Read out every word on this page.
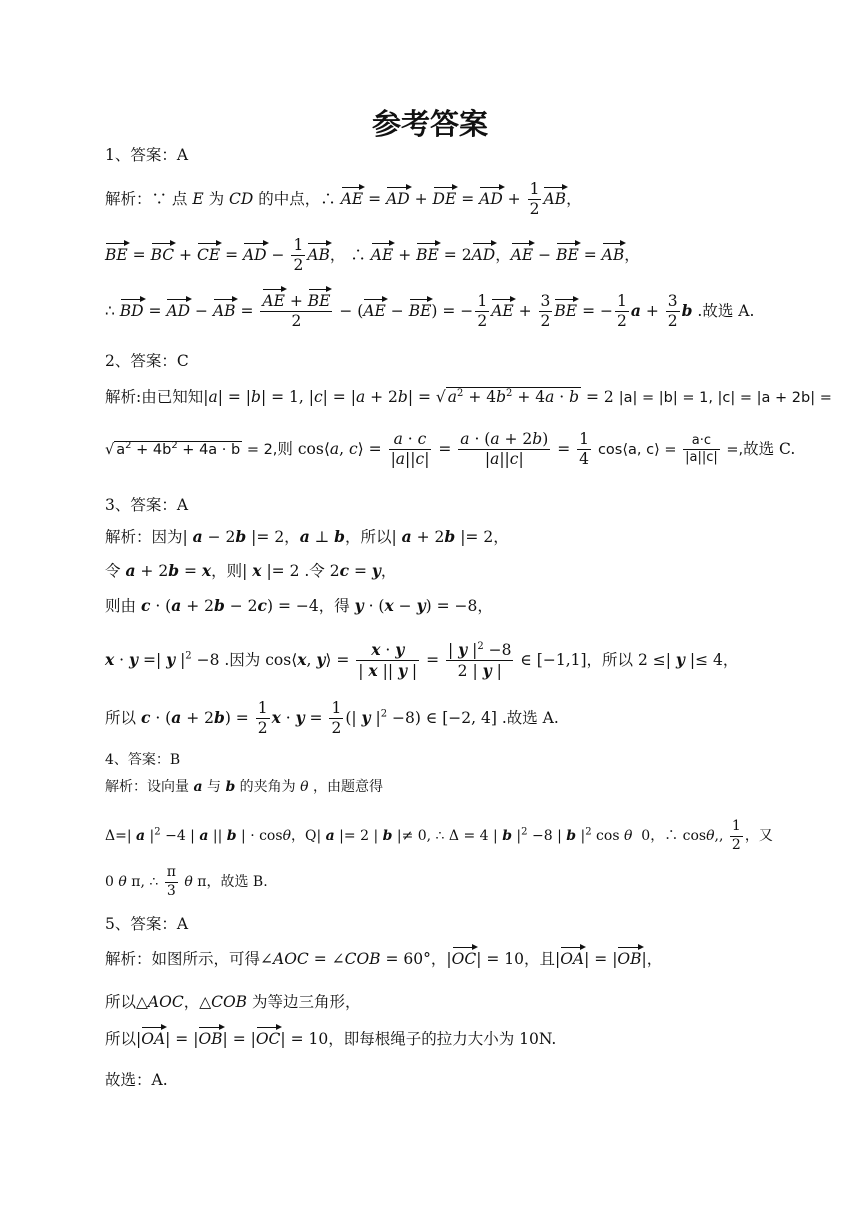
参考答案
1、答案：A
解析：∵ 点 E 为 CD 的中点，∴ AE = AD + DE = AD + $\frac{1}{2}$ AB，
BE = BC + CE = AD − $\frac{1}{2}$ AB， ∴ AE + BE = 2AD，AE − BE = AB，
∴ BD = AD − AB = $\frac{AE + BE}{2} - (AE - BE)$ = − $\frac{1}{2}$ AE + $\frac{3}{2}$ BE = − $\frac{1}{2}$ $a + \frac{3}{2}$ b .故选 A.
2、答案：C
解析:由已知知|a| = |b| = 1, |c| = |a + 2b| = √ $a^2 + 4b^2 + 4a \cdot b = 2$ |a| = |b| = 1, |c| = |a + 2b| =
√ $a^2 + 4b^2 + 4a \cdot b = 2$,则 cos⟨a, c⟩ = $\frac{a \cdot c}{|a||c|} = \frac{a \cdot (a + 2b)}{|a||c|} = \frac{1}{4}$ cos⟨a, c⟩ = $\frac{a\cdot c}{|a||c|}$ =,故选 C.
3、答案：A
解析：因为| a − 2b |= 2，a ⊥ b，所以| a + 2b |= 2，
令 a + 2b = x，则| x |= 2 .令 2c = y，
则由 c · (a + 2b − 2c) = −4，得 y · (x − y) = −8，
x · y =| y $|^2 -8$ .因为 cos⟨x, y⟩ = $\frac{x \cdot y}{| x || y |} = \frac{| y |^2 -8}{2 | y |}$ ∈ [−1,1]，所以 2 ≤| y |≤ 4，
所以 $c \cdot (a + 2b) = \frac{1}{2}$ $x \cdot y = \frac{1}{2}$ (| y $|^2 -8$) ∈ [−2, 4] .故选 A.
4、答案：B
解析：设向量 a 与 b 的夹角为 θ ，由题意得
Δ=| a $|^2 -4$ | a || b | · cosθ，Q| a |= 2 | b |≠ 0, ∴ Δ = 4 | b $|^2 -8$ | b $|^2$ cos θ  0，∴ cosθ,, $\frac{1}{2}$ ，又
0 θ π, ∴ $\frac{\pi}{3}$ θ π，故选 B.
5、答案：A
解析：如图所示，可得∠AOC = ∠COB = 60°，|OC| = 10，且|OA| = |OB|，
所以△AOC，△COB 为等边三角形，
所以|OA| = |OB| = |OC| = 10，即每根绳子的拉力大小为 10N.
故选：A.
